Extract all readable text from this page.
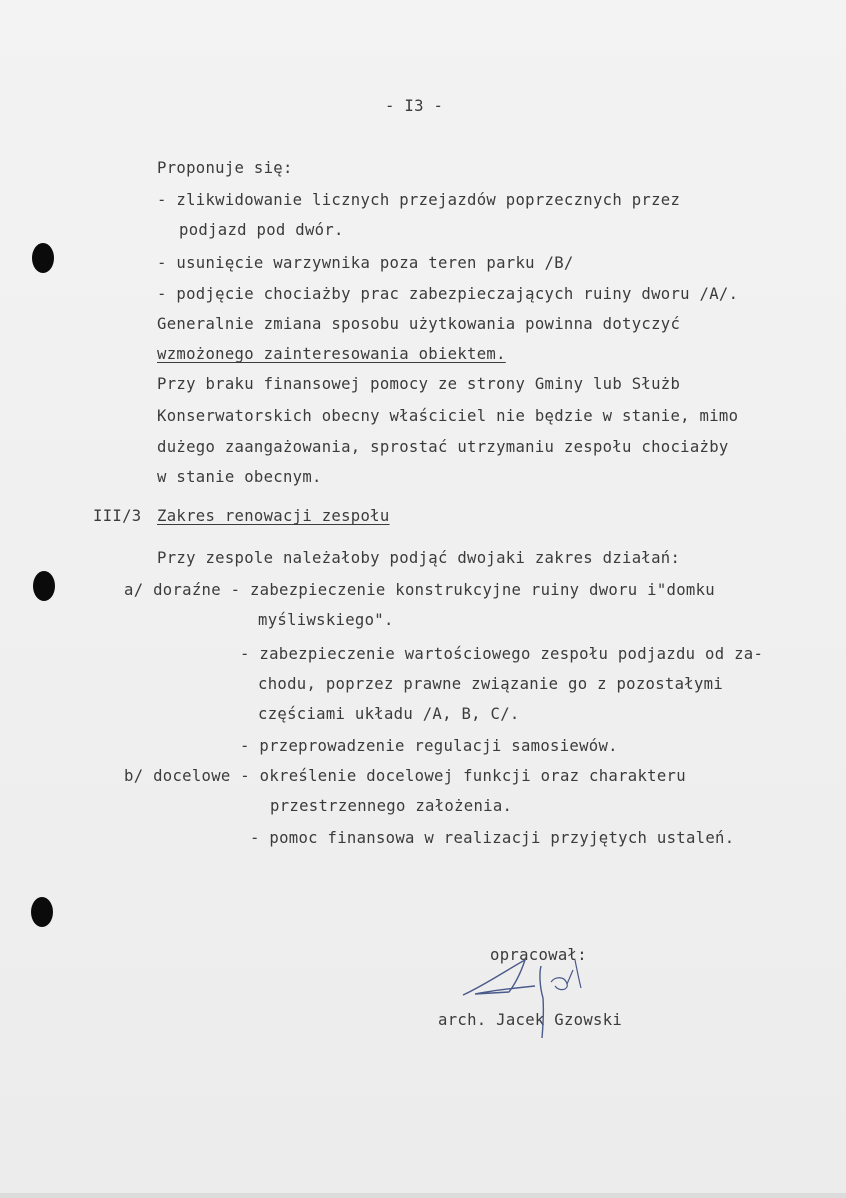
- I3 -
Proponuje się:
- zlikwidowanie licznych przejazdów poprzecznych przez
podjazd pod dwór.
- usunięcie warzywnika poza teren parku /B/
- podjęcie chociażby prac zabezpieczających ruiny dworu /A/.
Generalnie zmiana sposobu użytkowania powinna dotyczyć
wzmożonego zainteresowania obiektem.
Przy braku finansowej pomocy ze strony Gminy lub Służb
Konserwatorskich obecny właściciel nie będzie w stanie, mimo
dużego zaangażowania, sprostać utrzymaniu zespołu chociażby
w stanie obecnym.
III/3 Zakres renowacji zespołu
Przy zespole należałoby podjąć dwojaki zakres działań:
a/ doraźne - zabezpieczenie konstrukcyjne ruiny dworu i"domku
myśliwskiego".
- zabezpieczenie wartościowego zespołu podjazdu od za-
chodu, poprzez prawne związanie go z pozostałymi
częściami układu /A, B, C/.
- przeprowadzenie regulacji samosiewów.
b/ docelowe - określenie docelowej funkcji oraz charakteru
przestrzennego założenia.
- pomoc finansowa w realizacji przyjętych ustaleń.
opracował:
arch. Jacek Gzowski
